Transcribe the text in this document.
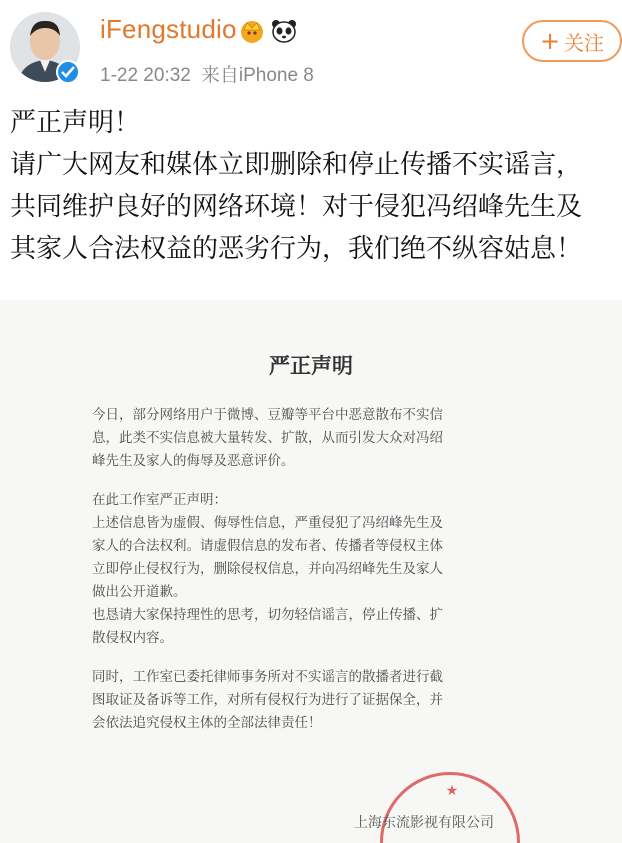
iFengstudio
1-22 20:32 来自iPhone 8
+ 关注

严正声明！

请广大网友和媒体立即删除和停止传播不实谣言，

共同维护良好的网络环境！对于侵犯冯绍峰先生及

其家人合法权益的恶劣行为，我们绝不纵容姑息！

严正声明

今日，部分网络用户于微博、豆瓣等平台中恶意散布不实信

息，此类不实信息被大量转发、扩散，从而引发大众对冯绍

峰先生及家人的侮辱及恶意评价。

在此工作室严正声明：

上述信息皆为虚假、侮辱性信息，严重侵犯了冯绍峰先生及

家人的合法权利。请虚假信息的发布者、传播者等侵权主体

立即停止侵权行为，删除侵权信息，并向冯绍峰先生及家人

做出公开道歉。

也恳请大家保持理性的思考，切勿轻信谣言，停止传播、扩

散侵权内容。

同时，工作室已委托律师事务所对不实谣言的散播者进行截

图取证及备诉等工作，对所有侵权行为进行了证据保全，并

会依法追究侵权主体的全部法律责任！

★
上海东流影视有限公司
